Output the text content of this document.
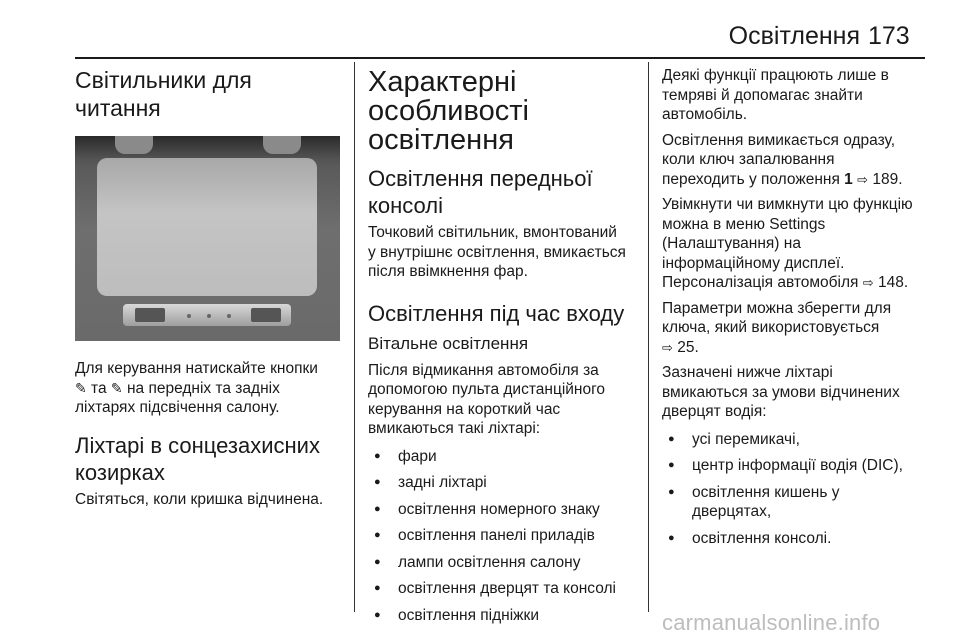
Освітлення 173
Світильники для читання

Для керування натискайте кнопки
✎ та ✎ на передніх та задніх
ліхтарях підсвічення салону.

Ліхтарі в сонцезахисних
козирках

Світяться, коли кришка відчинена.

Характерні
особливості
освітлення
Освітлення передньої
консолі

Точковий світильник, вмонтований
у внутрішнє освітлення, вмикається
після ввімкнення фар.

Освітлення під час входу
Вітальне освітлення

Після відмикання автомобіля за
допомогою пульта дистанційного
керування на короткий час
вмикаються такі ліхтарі:

● фари
● задні ліхтарі
● освітлення номерного знаку
● освітлення панелі приладів
● лампи освітлення салону
● освітлення дверцят та консолі
● освітлення підніжки

Деякі функції працюють лише в
темряві й допомагає знайти
автомобіль.

Освітлення вимикається одразу,
коли ключ запалювання
переходить у положення 1 ⇨ 189.

Увімкнути чи вимкнути цю функцію
можна в меню Settings
(Налаштування) на
інформаційному дисплеї.
Персоналізація автомобіля ⇨ 148.

Параметри можна зберегти для
ключа, який використовується
⇨ 25.

Зазначені нижче ліхтарі
вмикаються за умови відчинених
дверцят водія:

● усі перемикачі,
● центр інформації водія (DIC),
● освітлення кишень у дверцятах,
● освітлення консолі.
carmanualsonline.info
